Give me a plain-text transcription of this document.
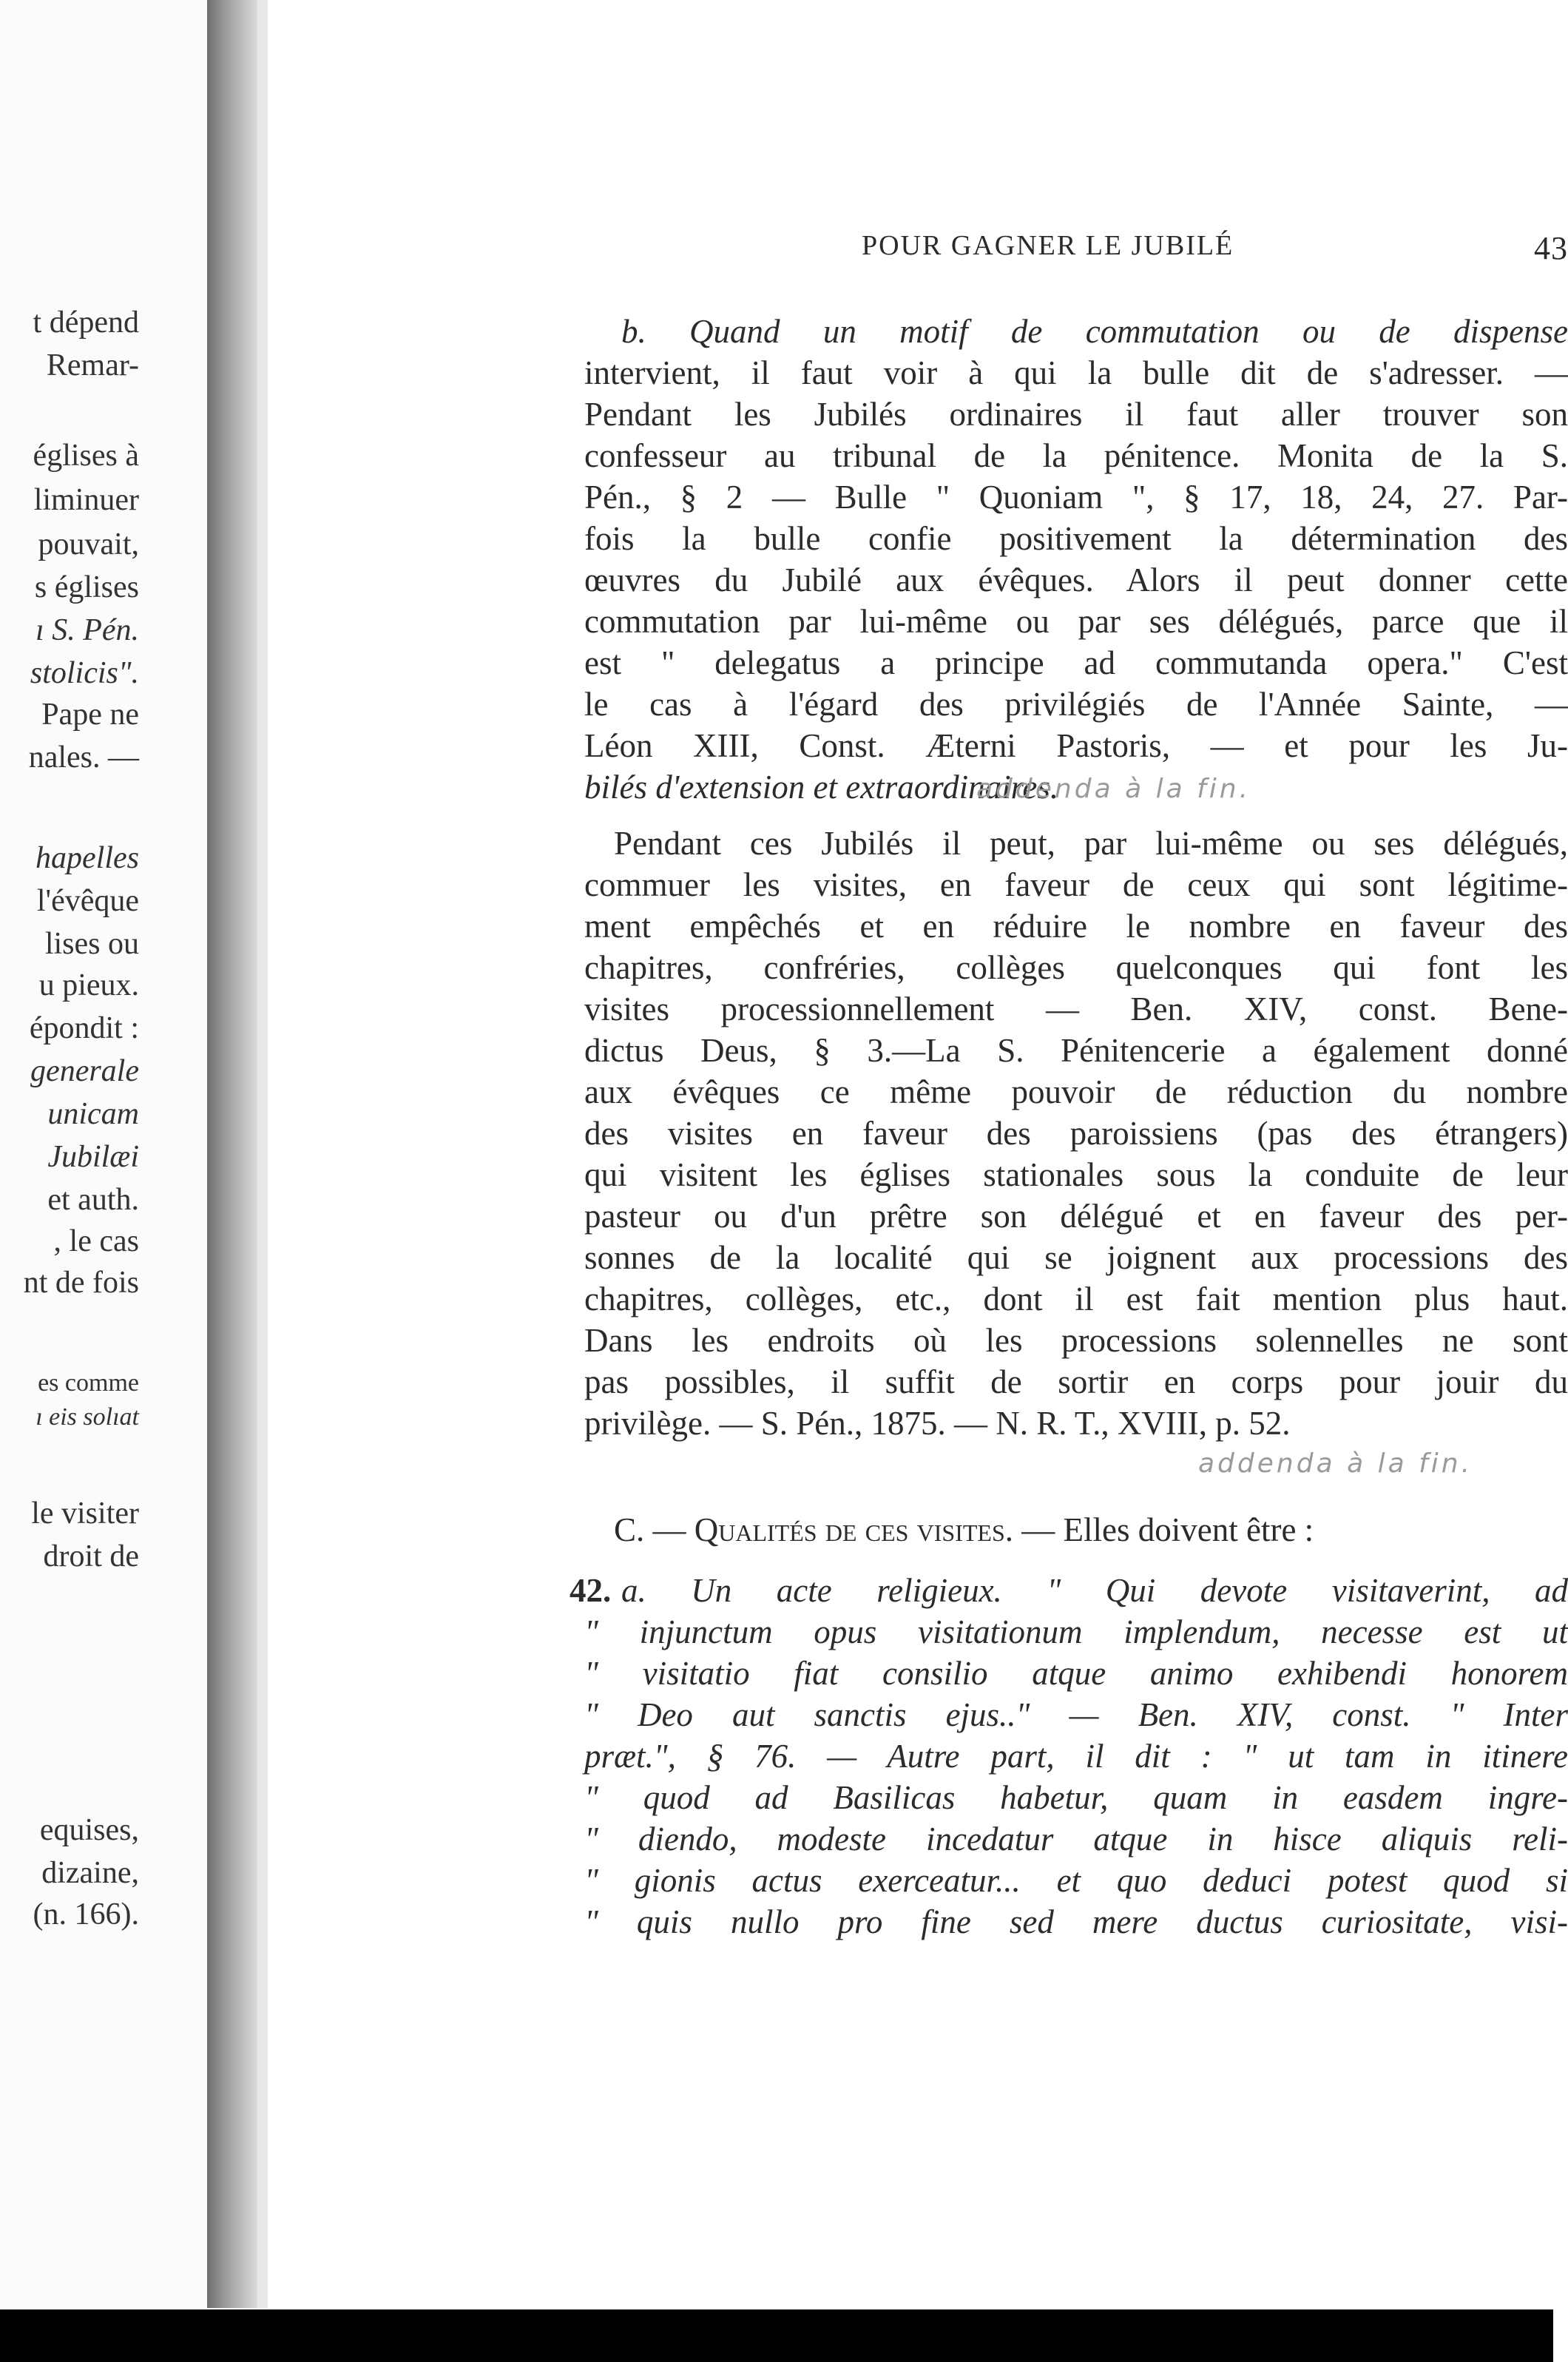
t dépend
Remar-
églises à
liminuer
pouvait,
s églises
ı S. Pén.
stolicis".
Pape ne
nales. —
hapelles
l'évêque
lises ou
u pieux.
épondit :
generale
unicam
Jubilæi
et auth.
, le cas
nt de fois
es comme
ı eis solıat
le visiter
droit de
equises,
dizaine,
(n. 166).
POUR GAGNER LE JUBILÉ	43
b. Quand un motif de commutation ou de dispense
intervient, il faut voir à qui la bulle dit de s'adresser. —
Pendant les Jubilés ordinaires il faut aller trouver son
confesseur au tribunal de la pénitence. Monita de la S.
Pén., § 2 — Bulle " Quoniam ", § 17, 18, 24, 27. Par-
fois la bulle confie positivement la détermination des
œuvres du Jubilé aux évêques. Alors il peut donner cette
commutation par lui-même ou par ses délégués, parce que il
est " delegatus a principe ad commutanda opera." C'est
le cas à l'égard des privilégiés de l'Année Sainte, —
Léon XIII, Const. Æterni Pastoris, — et pour les Ju-
bilés d'extension et extraordinaires.
addenda à la fin.
Pendant ces Jubilés il peut, par lui-même ou ses délégués,
commuer les visites, en faveur de ceux qui sont légitime-
ment empêchés et en réduire le nombre en faveur des
chapitres, confréries, collèges quelconques qui font les
visites processionnellement — Ben. XIV, const. Bene-
dictus Deus, § 3.—La S. Pénitencerie a également donné
aux évêques ce même pouvoir de réduction du nombre
des visites en faveur des paroissiens (pas des étrangers)
qui visitent les églises stationales sous la conduite de leur
pasteur ou d'un prêtre son délégué et en faveur des per-
sonnes de la localité qui se joignent aux processions des
chapitres, collèges, etc., dont il est fait mention plus haut.
Dans les endroits où les processions solennelles ne sont
pas possibles, il suffit de sortir en corps pour jouir du
privilège. — S. Pén., 1875. — N. R. T., XVIII, p. 52.
addenda à la fin.
C. — Qualités de ces visites. — Elles doivent être :
42. a. Un acte religieux. " Qui devote visitaverint, ad
" injunctum opus visitationum implendum, necesse est ut
" visitatio fiat consilio atque animo exhibendi honorem
" Deo aut sanctis ejus.." — Ben. XIV, const. " Inter
præt.", § 76. — Autre part, il dit : " ut tam in itinere
" quod ad Basilicas habetur, quam in easdem ingre-
" diendo, modeste incedatur atque in hisce aliquis reli-
" gionis actus exerceatur... et quo deduci potest quod si
" quis nullo pro fine sed mere ductus curiositate, visi-
